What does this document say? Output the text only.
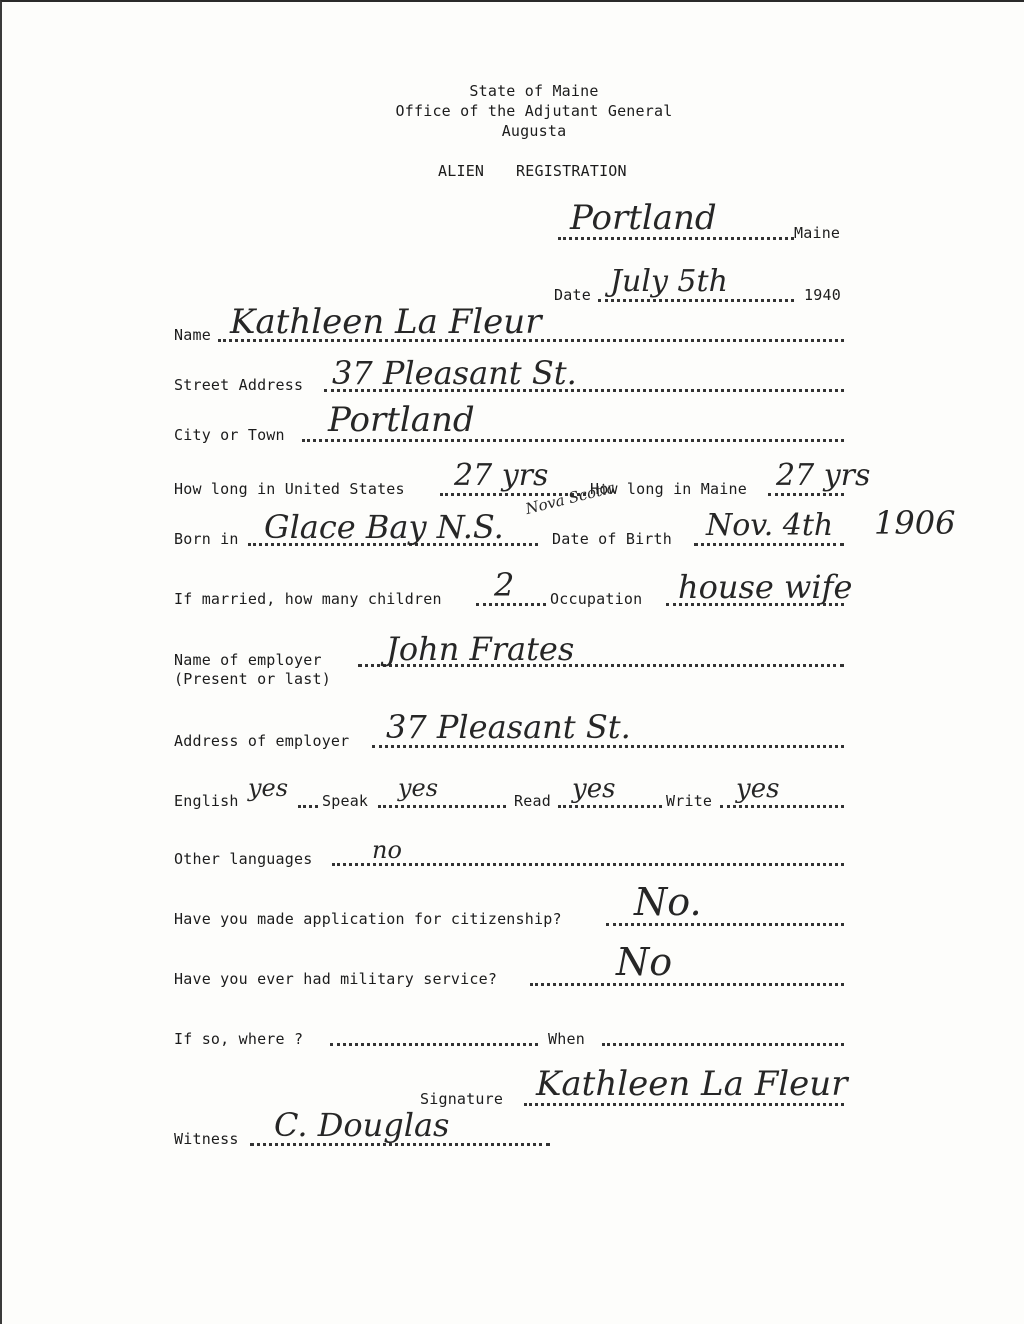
State of Maine
Office of the Adjutant General
Augusta
ALIEN REGISTRATION
Portland	Maine
Date July 5th	1940
Name Kathleen La Fleur
Street Address 37 Pleasant St.
City or Town Portland
How long in United States 27 yrs	How long in Maine 27 yrs
Born in Glace Bay N.S.
Nova Scotia
Date of Birth Nov. 4th 1906
If married, how many children 2 Occupation house wife
Name of employer
(Present or last)
John Frates
Address of employer 37 Pleasant St.
English yes Speak yes	Read yes	Write yes
Other languages no
Have you made application for citizenship? No.
Have you ever had military service?	No
If so, where ?	When
Signature Kathleen La Fleur
Witness C. Douglas
